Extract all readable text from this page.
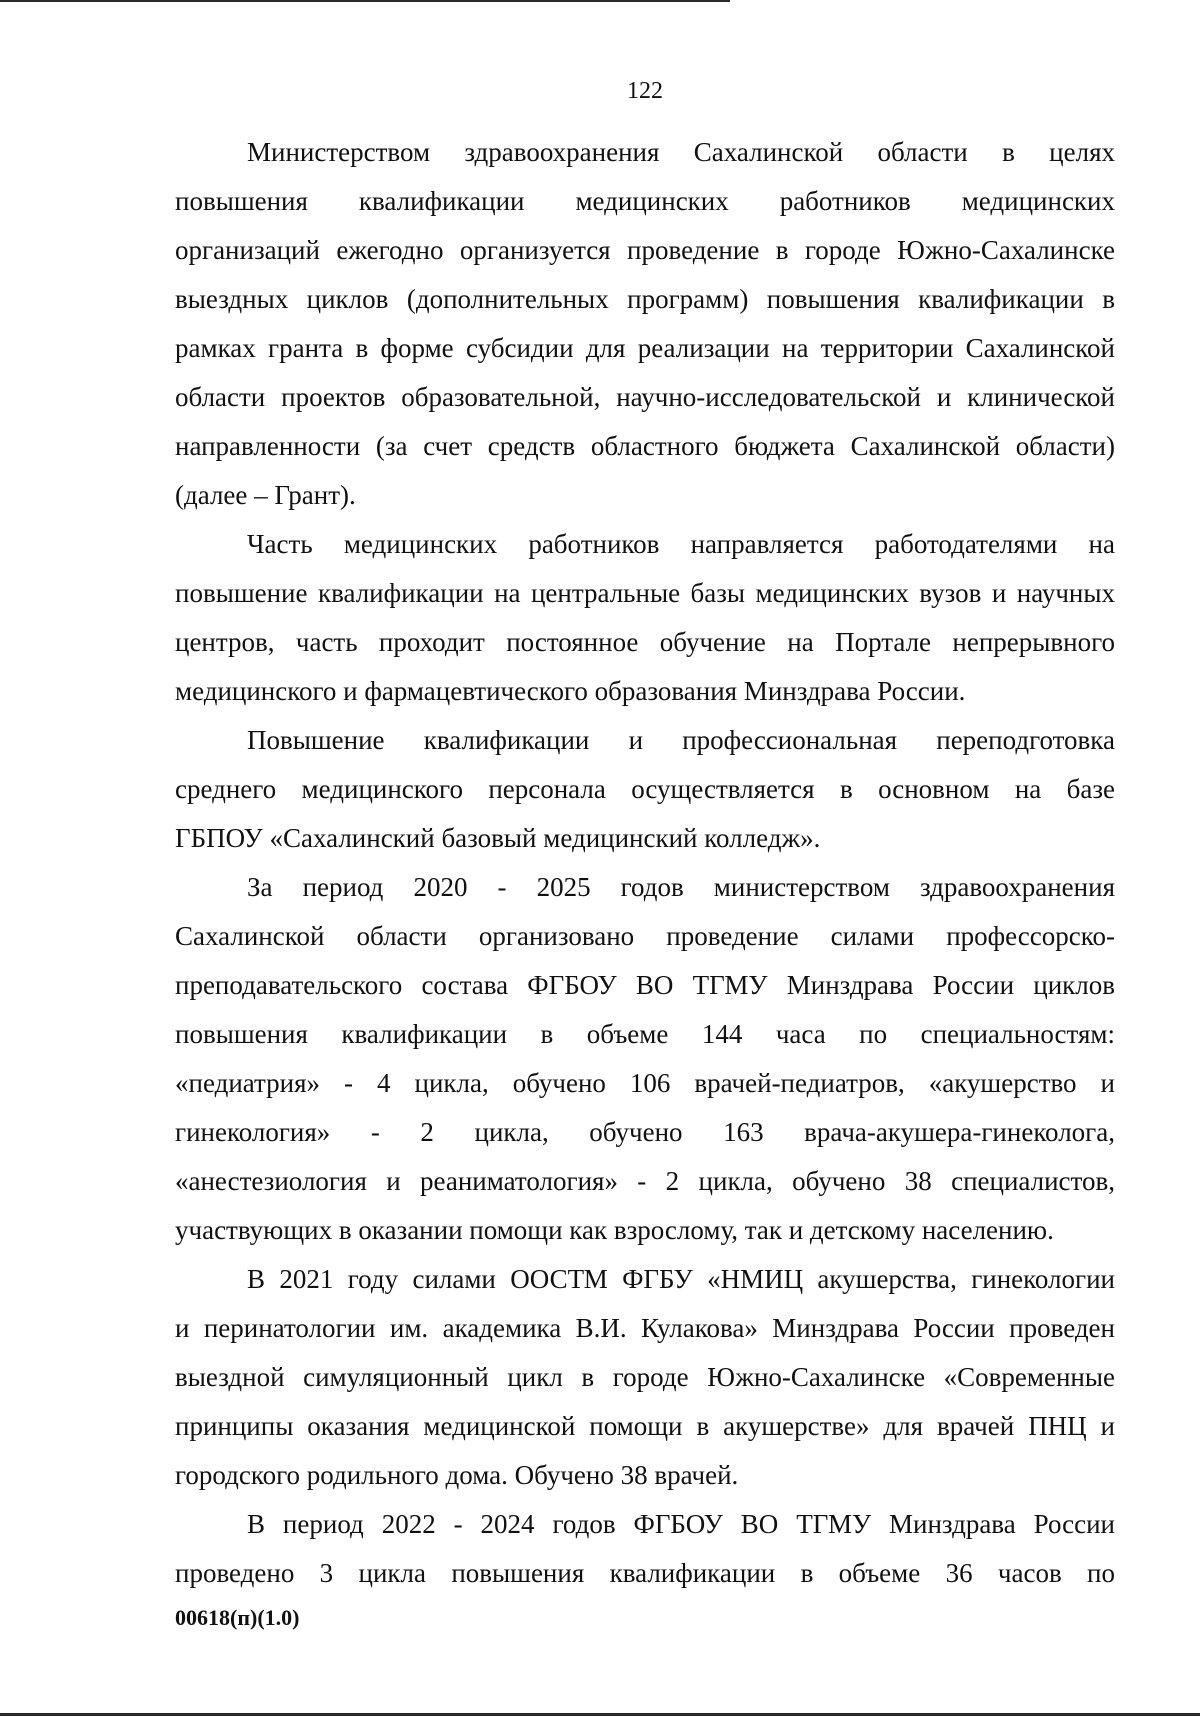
122
Министерством здравоохранения Сахалинской области в целях
повышения квалификации медицинских работников медицинских
организаций ежегодно организуется проведение в городе Южно-Сахалинске
выездных циклов (дополнительных программ) повышения квалификации в
рамках гранта в форме субсидии для реализации на территории Сахалинской
области проектов образовательной, научно-исследовательской и клинической
направленности (за счет средств областного бюджета Сахалинской области)
(далее – Грант).
Часть медицинских работников направляется работодателями на
повышение квалификации на центральные базы медицинских вузов и научных
центров, часть проходит постоянное обучение на Портале непрерывного
медицинского и фармацевтического образования Минздрава России.
Повышение квалификации и профессиональная переподготовка
среднего медицинского персонала осуществляется в основном на базе
ГБПОУ «Сахалинский базовый медицинский колледж».
За период 2020 - 2025 годов министерством здравоохранения
Сахалинской области организовано проведение силами профессорско-
преподавательского состава ФГБОУ ВО ТГМУ Минздрава России циклов
повышения квалификации в объеме 144 часа по специальностям:
«педиатрия» - 4 цикла, обучено 106 врачей-педиатров, «акушерство и
гинекология» - 2 цикла, обучено 163 врача-акушера-гинеколога,
«анестезиология и реаниматология» - 2 цикла, обучено 38 специалистов,
участвующих в оказании помощи как взрослому, так и детскому населению.
В 2021 году силами ООСТМ ФГБУ «НМИЦ акушерства, гинекологии
и перинатологии им. академика В.И. Кулакова» Минздрава России проведен
выездной симуляционный цикл в городе Южно-Сахалинске «Современные
принципы оказания медицинской помощи в акушерстве» для врачей ПНЦ и
городского родильного дома. Обучено 38 врачей.
В период 2022 - 2024 годов ФГБОУ ВО ТГМУ Минздрава России
проведено 3 цикла повышения квалификации в объеме 36 часов по
00618(п)(1.0)
